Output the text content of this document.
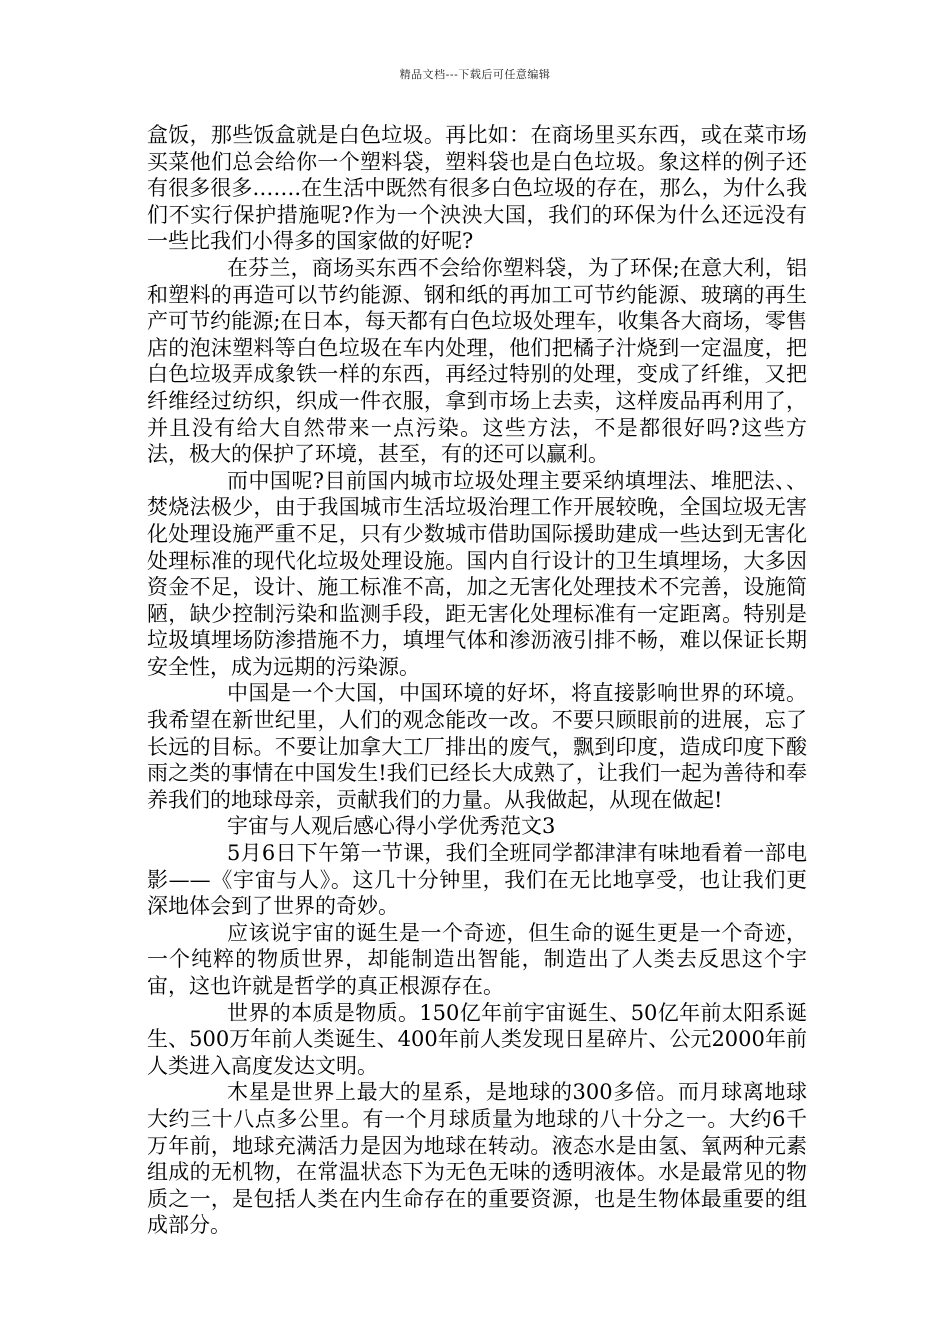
精品文档---下载后可任意编辑

盒饭，那些饭盒就是白色垃圾。再比如：在商场里买东西，或在菜市场买菜他们总会给你一个塑料袋，塑料袋也是白色垃圾。象这样的例子还有很多很多…….在生活中既然有很多白色垃圾的存在，那么，为什么我们不实行保护措施呢?作为一个泱泱大国，我们的环保为什么还远没有一些比我们小得多的国家做的好呢?

在芬兰，商场买东西不会给你塑料袋，为了环保;在意大利，铝和塑料的再造可以节约能源、钢和纸的再加工可节约能源、玻璃的再生产可节约能源;在日本，每天都有白色垃圾处理车，收集各大商场，零售店的泡沫塑料等白色垃圾在车内处理，他们把橘子汁烧到一定温度，把白色垃圾弄成象铁一样的东西，再经过特别的处理，变成了纤维，又把纤维经过纺织，织成一件衣服，拿到市场上去卖，这样废品再利用了，并且没有给大自然带来一点污染。这些方法，不是都很好吗?这些方法，极大的保护了环境，甚至，有的还可以赢利。

而中国呢?目前国内城市垃圾处理主要采纳填埋法、堆肥法、、焚烧法极少，由于我国城市生活垃圾治理工作开展较晚，全国垃圾无害化处理设施严重不足，只有少数城市借助国际援助建成一些达到无害化处理标准的现代化垃圾处理设施。国内自行设计的卫生填埋场，大多因资金不足，设计、施工标准不高，加之无害化处理技术不完善，设施简陋，缺少控制污染和监测手段，距无害化处理标准有一定距离。特别是垃圾填埋场防渗措施不力，填埋气体和渗沥液引排不畅，难以保证长期安全性，成为远期的污染源。

中国是一个大国，中国环境的好坏，将直接影响世界的环境。我希望在新世纪里，人们的观念能改一改。不要只顾眼前的进展，忘了长远的目标。不要让加拿大工厂排出的废气，飘到印度，造成印度下酸雨之类的事情在中国发生!我们已经长大成熟了，让我们一起为善待和奉养我们的地球母亲，贡献我们的力量。从我做起，从现在做起!

宇宙与人观后感心得小学优秀范文3

5月6日下午第一节课，我们全班同学都津津有味地看着一部电影——《宇宙与人》。这几十分钟里，我们在无比地享受，也让我们更深地体会到了世界的奇妙。

应该说宇宙的诞生是一个奇迹，但生命的诞生更是一个奇迹，一个纯粹的物质世界，却能制造出智能，制造出了人类去反思这个宇宙，这也许就是哲学的真正根源存在。

世界的本质是物质。150亿年前宇宙诞生、50亿年前太阳系诞生、500万年前人类诞生、400年前人类发现日星碎片、公元2000年前人类进入高度发达文明。

木星是世界上最大的星系，是地球的300多倍。而月球离地球大约三十八点多公里。有一个月球质量为地球的八十分之一。大约6千万年前，地球充满活力是因为地球在转动。液态水是由氢、氧两种元素组成的无机物，在常温状态下为无色无味的透明液体。水是最常见的物质之一，是包括人类在内生命存在的重要资源，也是生物体最重要的组成部分。
